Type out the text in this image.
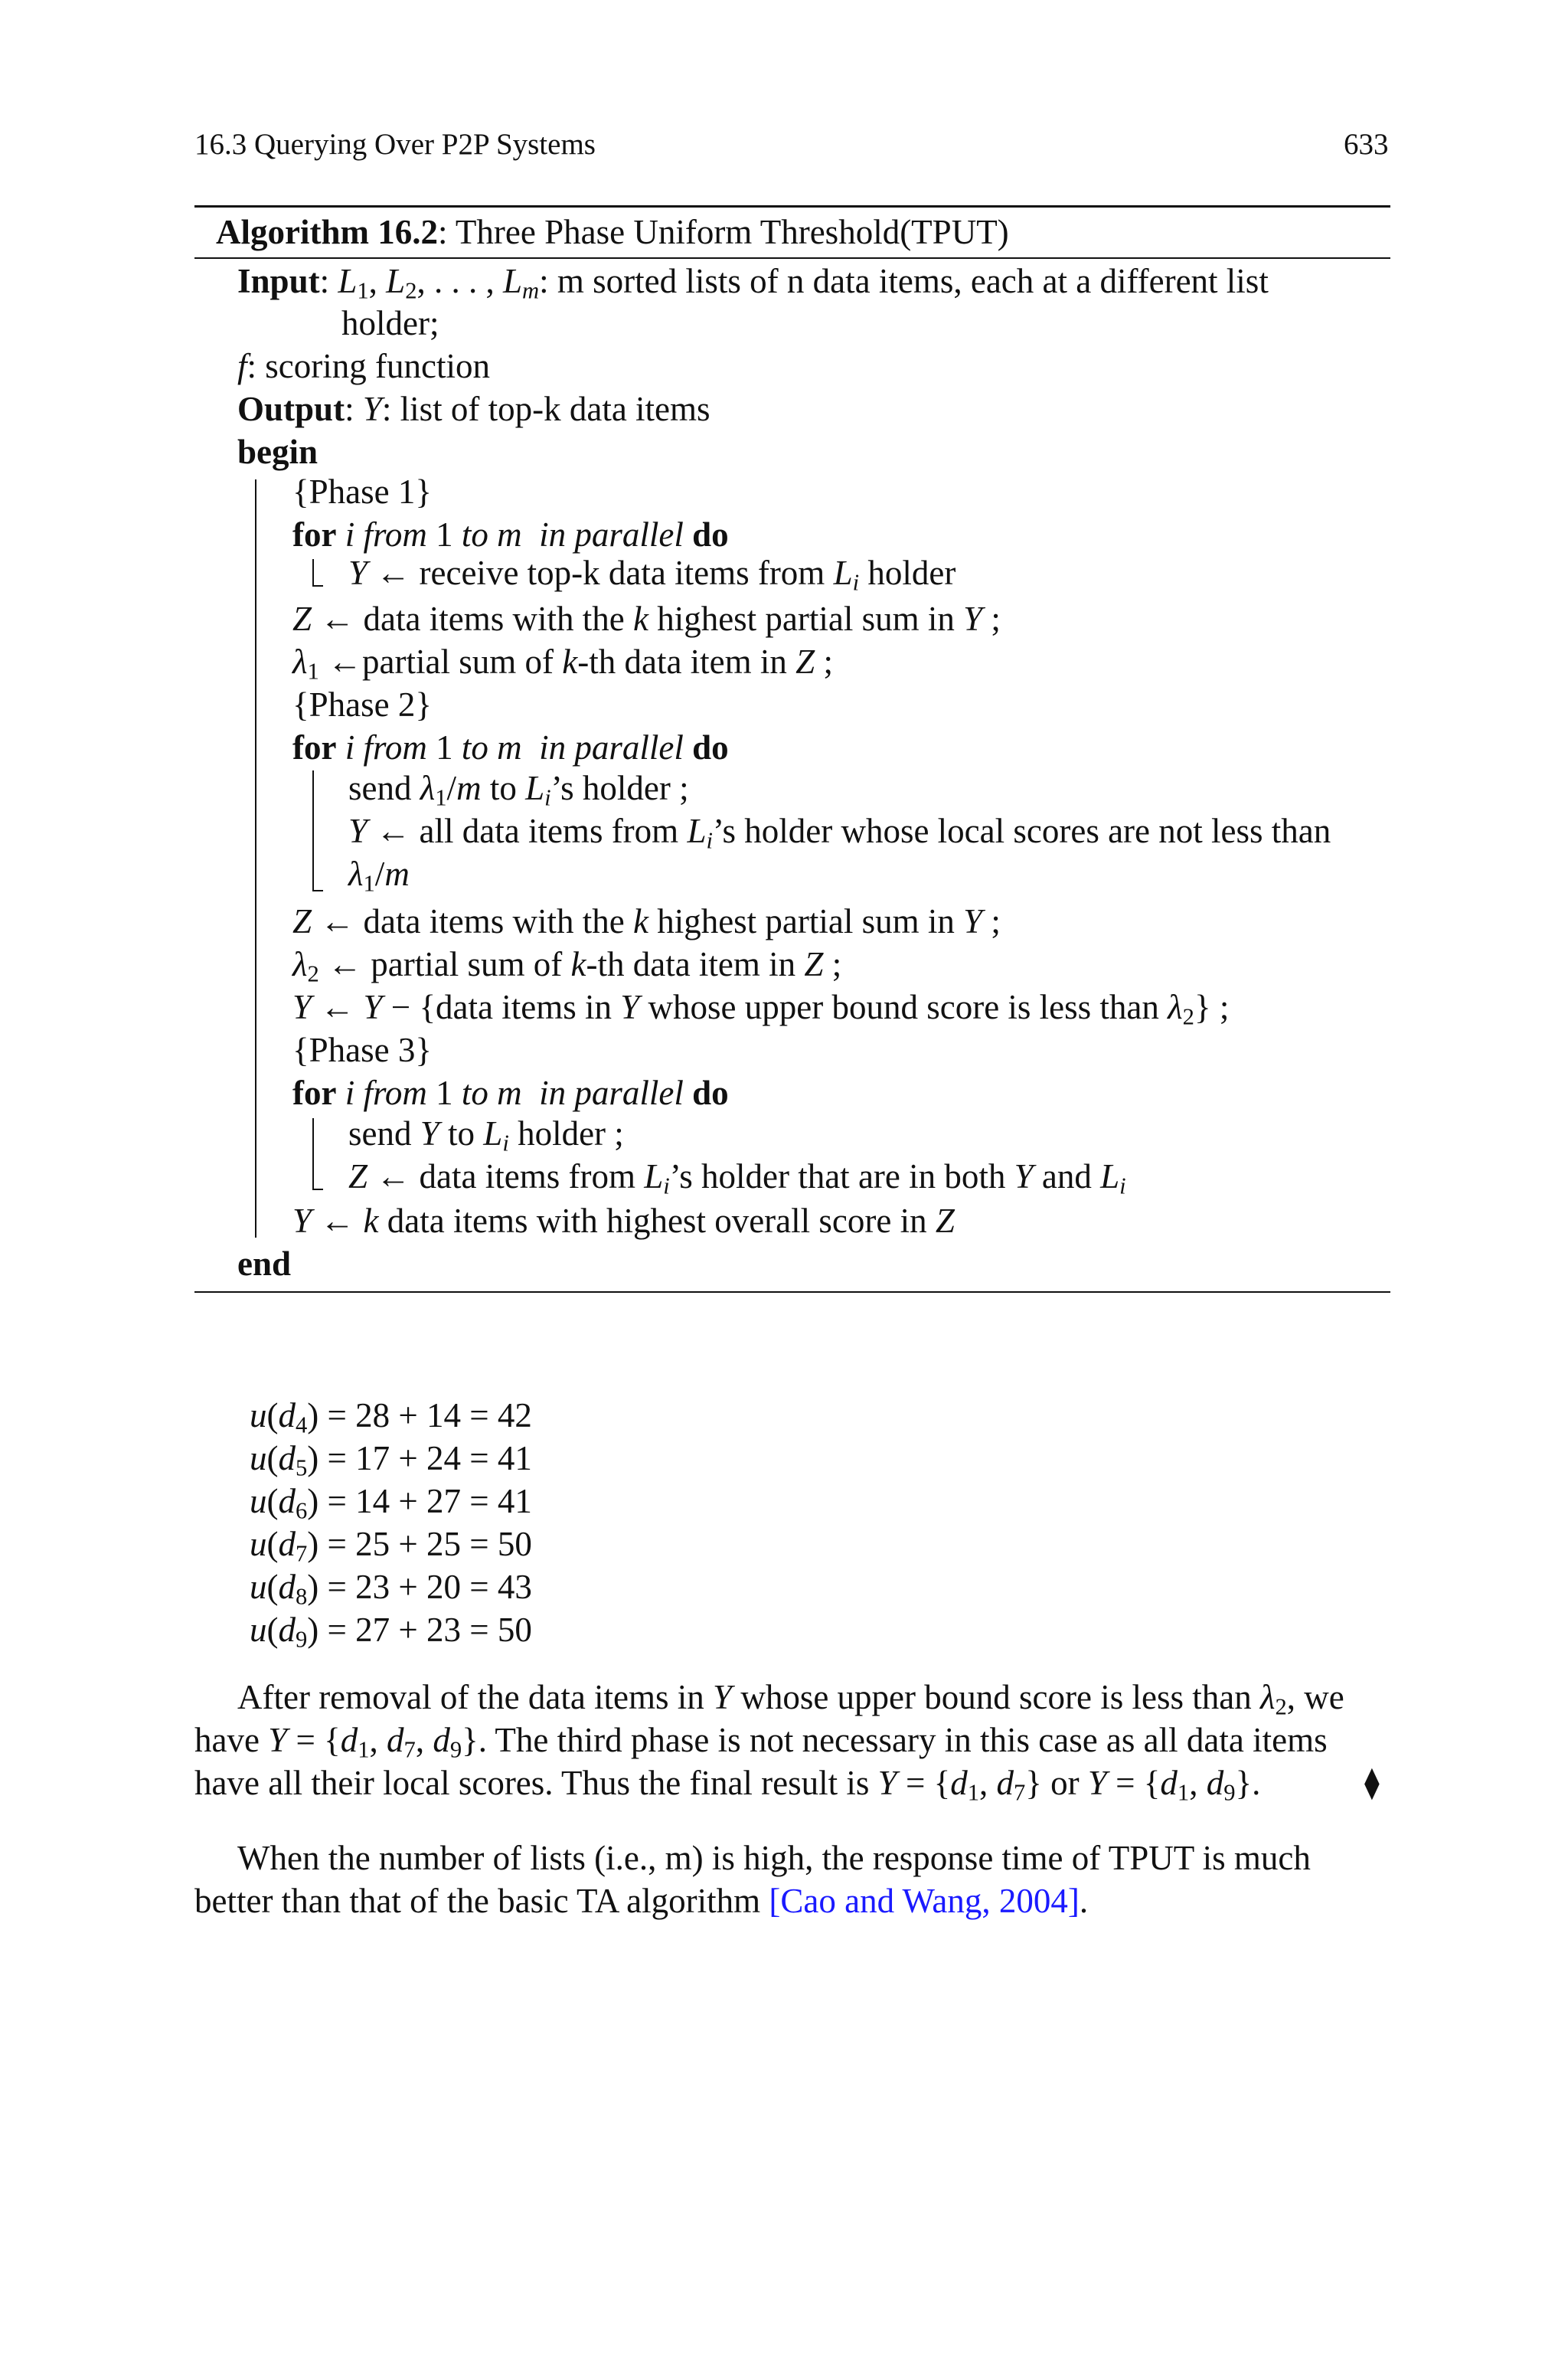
16.3 Querying Over P2P Systems	633
Algorithm 16.2: Three Phase Uniform Threshold(TPUT)
Input: $L_1$, $L_2$, . . . , $L_m$: m sorted lists of n data items, each at a different list
holder;
f: scoring function
Output: Y: list of top-k data items
begin
{Phase 1}
for i from 1 to m in parallel do
Y ← receive top-k data items from $L_i$ holder
Z ← data items with the k highest partial sum in Y ;
$\lambda_1$ ←partial sum of k-th data item in Z ;
{Phase 2}
for i from 1 to m in parallel do
send $\lambda_1/m$ to $L_i’s$ holder ;
Y ← all data items from $L_i’s$ holder whose local scores are not less than
$\lambda_1/m$
Z ← data items with the k highest partial sum in Y ;
$\lambda_2$ ← partial sum of k-th data item in Z ;
Y ← Y − {data items in Y whose upper bound score is less than $\lambda_2$} ;
{Phase 3}
for i from 1 to m in parallel do
send Y to $L_i$ holder ;
Z ← data items from $L_i’s$ holder that are in both Y and $L_i$
Y ← k data items with highest overall score in Z
end
$u(d_4) = 28 + 14 = 42$
$u(d_5) = 17 + 24 = 41$
$u(d_6) = 14 + 27 = 41$
$u(d_7) = 25 + 25 = 50$
$u(d_8) = 23 + 20 = 43$
$u(d_9) = 27 + 23 = 50$
After removal of the data items in Y whose upper bound score is less than $\lambda_2$, we
have $Y = \{d_1$, $d_7$, $d_9$}. The third phase is not necessary in this case as all data items
have all their local scores. Thus the final result is $Y = \{d_1$, $d_7$} or $Y = \{d_1$, $d_9$}.	⧫
When the number of lists (i.e., m) is high, the response time of TPUT is much
better than that of the basic TA algorithm [Cao and Wang, 2004].
